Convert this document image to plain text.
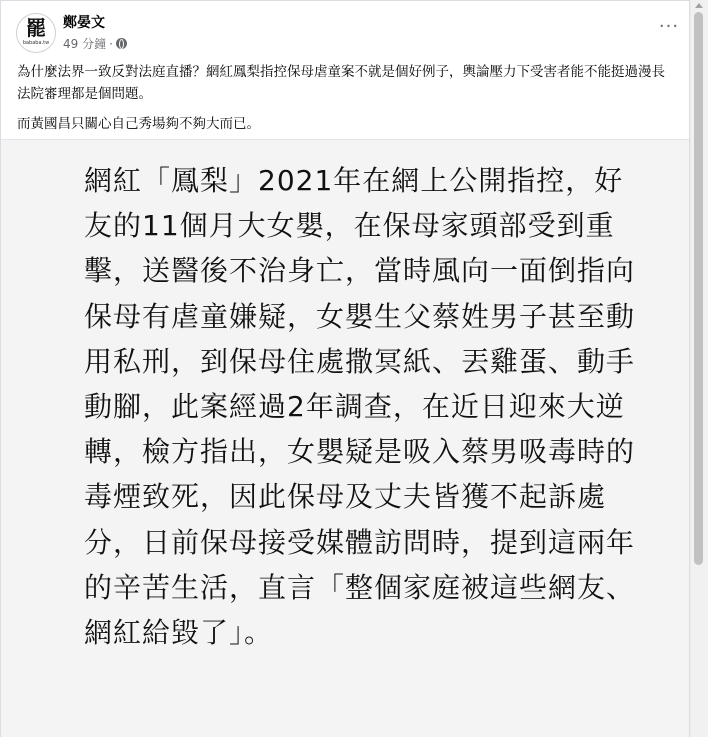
罷
bababa.tw
鄭晏文
49 分鐘 ·
···

為什麼法界一致反對法庭直播？網紅鳳梨指控保母虐童案不就是個好例子，輿論壓力下受害者能不能挺過漫長法院審理都是個問題。

而黃國昌只關心自己秀場夠不夠大而已。

網紅「鳳梨」2021年在網上公開指控，好友的11個月大女嬰，在保母家頭部受到重擊，送醫後不治身亡，當時風向一面倒指向保母有虐童嫌疑，女嬰生父蔡姓男子甚至動用私刑，到保母住處撒冥紙、丟雞蛋、動手動腳，此案經過2年調查，在近日迎來大逆轉，檢方指出，女嬰疑是吸入蔡男吸毒時的毒煙致死，因此保母及丈夫皆獲不起訴處分，日前保母接受媒體訪問時，提到這兩年的辛苦生活，直言「整個家庭被這些網友、網紅給毀了」。
